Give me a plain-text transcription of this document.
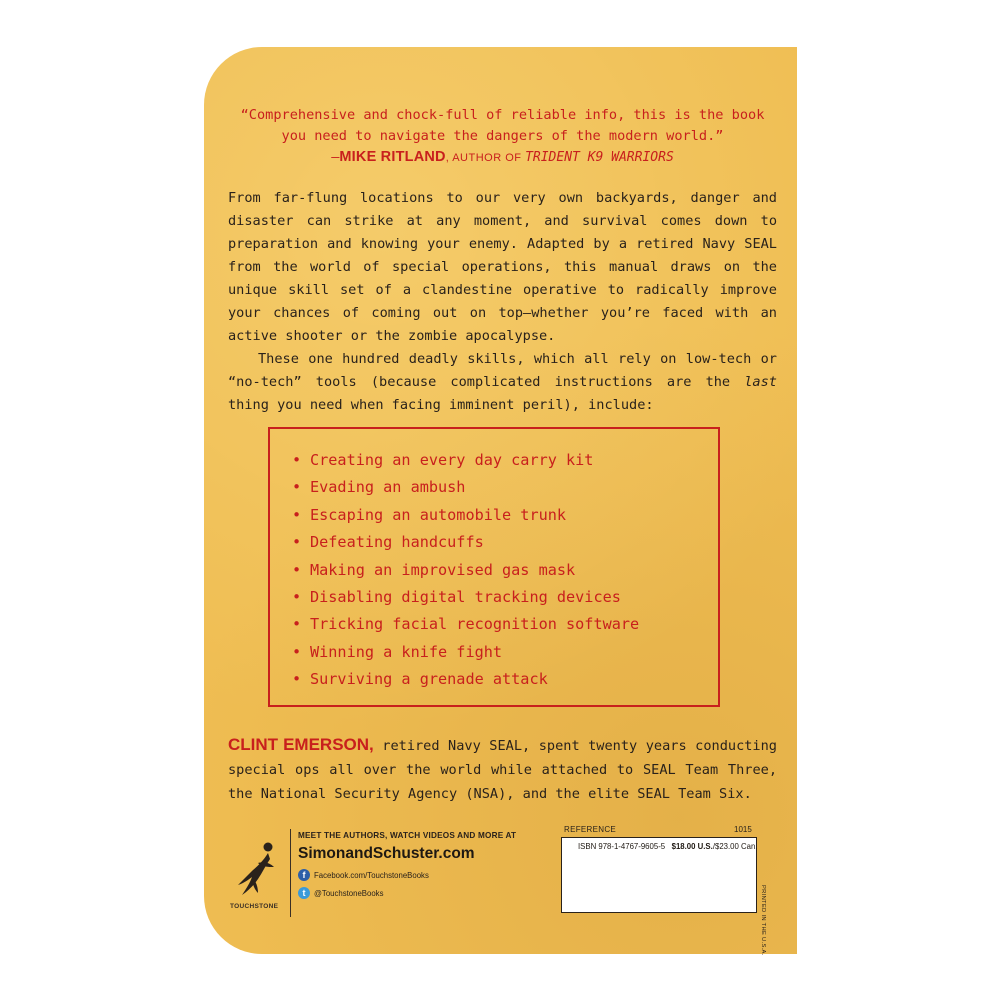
“Comprehensive and chock-full of reliable info, this is the book you need to navigate the dangers of the modern world.”
—MIKE RITLAND, AUTHOR OF TRIDENT K9 WARRIORS

From far-flung locations to our very own backyards, danger and disaster can strike at any moment, and survival comes down to preparation and knowing your enemy. Adapted by a retired Navy SEAL from the world of special operations, this manual draws on the unique skill set of a clandestine operative to radically improve your chances of coming out on top—whether you’re faced with an active shooter or the zombie apocalypse.

These one hundred deadly skills, which all rely on low-tech or “no-tech” tools (because complicated instructions are the last thing you need when facing imminent peril), include:

• Creating an every day carry kit
• Evading an ambush
• Escaping an automobile trunk
• Defeating handcuffs
• Making an improvised gas mask
• Disabling digital tracking devices
• Tricking facial recognition software
• Winning a knife fight
• Surviving a grenade attack
CLINT EMERSON, retired Navy SEAL, spent twenty years conducting special ops all over the world while attached to SEAL Team Three, the National Security Agency (NSA), and the elite SEAL Team Six.
TOUCHSTONE
MEET THE AUTHORS, WATCH VIDEOS AND MORE AT
SimonandSchuster.com
f	Facebook.com/TouchstoneBooks
t	@TouchstoneBooks
REFERENCE	1015
ISBN 978-1-4767-9605-5 $18.00 U.S./$23.00 Can.
PRINTED IN THE U.S.A.
